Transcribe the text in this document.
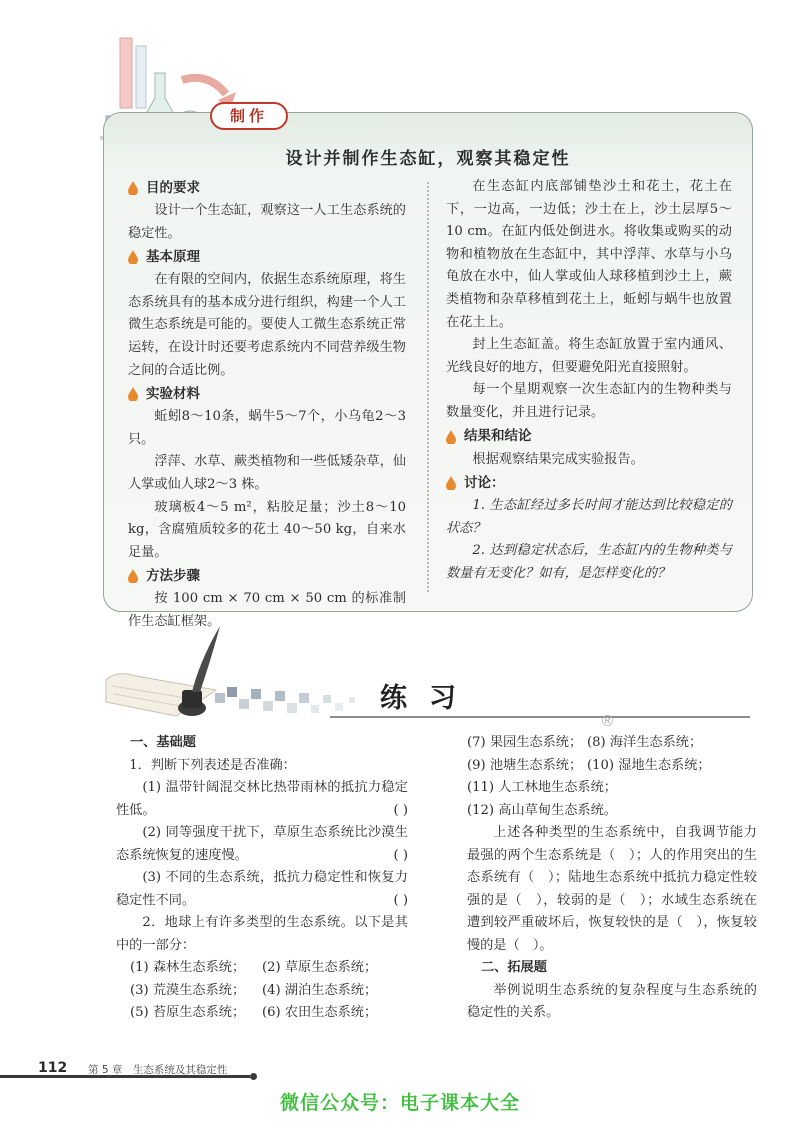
制作
设计并制作生态缸，观察其稳定性
目的要求

设计一个生态缸，观察这一人工生态系统的稳定性。

基本原理

在有限的空间内，依据生态系统原理，将生态系统具有的基本成分进行组织，构建一个人工微生态系统是可能的。要使人工微生态系统正常运转，在设计时还要考虑系统内不同营养级生物之间的合适比例。

实验材料

蚯蚓8～10条，蜗牛5～7个，小乌龟2～3只。

浮萍、水草、蕨类植物和一些低矮杂草，仙人掌或仙人球2～3 株。

玻璃板4～5 m²，粘胶足量；沙土8～10 kg，含腐殖质较多的花土 40～50 kg，自来水足量。

方法步骤

按 100 cm × 70 cm × 50 cm 的标准制作生态缸框架。

在生态缸内底部铺垫沙土和花土，花土在下，一边高，一边低；沙土在上，沙土层厚5～10 cm。在缸内低处倒进水。将收集或购买的动物和植物放在生态缸中，其中浮萍、水草与小乌龟放在水中，仙人掌或仙人球移植到沙土上，蕨类植物和杂草移植到花土上，蚯蚓与蜗牛也放置在花土上。

封上生态缸盖。将生态缸放置于室内通风、光线良好的地方，但要避免阳光直接照射。

每一个星期观察一次生态缸内的生物种类与数量变化，并且进行记录。

结果和结论

根据观察结果完成实验报告。

讨论：

1. 生态缸经过多长时间才能达到比较稳定的状态？

2. 达到稳定状态后，生态缸内的生物种类与数量有无变化？如有，是怎样变化的？

练习
®
一、基础题

1．判断下列表述是否准确：

(1) 温带针阔混交林比热带雨林的抵抗力稳定性低。	( )

(2) 同等强度干扰下，草原生态系统比沙漠生态系统恢复的速度慢。	( )

(3) 不同的生态系统，抵抗力稳定性和恢复力稳定性不同。	( )

2．地球上有许多类型的生态系统。以下是其中的一部分：

(1) 森林生态系统；	(2) 草原生态系统；
(3) 荒漠生态系统；	(4) 湖泊生态系统；
(5) 苔原生态系统；	(6) 农田生态系统；
(7) 果园生态系统； (8) 海洋生态系统；
(9) 池塘生态系统； (10) 湿地生态系统；

(11) 人工林地生态系统；

(12) 高山草甸生态系统。

上述各种类型的生态系统中，自我调节能力最强的两个生态系统是（　）；人的作用突出的生态系统有（　）；陆地生态系统中抵抗力稳定性较强的是（　），较弱的是（　）；水域生态系统在遭到较严重破坏后，恢复较快的是（　），恢复较慢的是（　）。

二、拓展题

举例说明生态系统的复杂程度与生态系统的稳定性的关系。

112 第 5 章　生态系统及其稳定性
微信公众号：电子课本大全
